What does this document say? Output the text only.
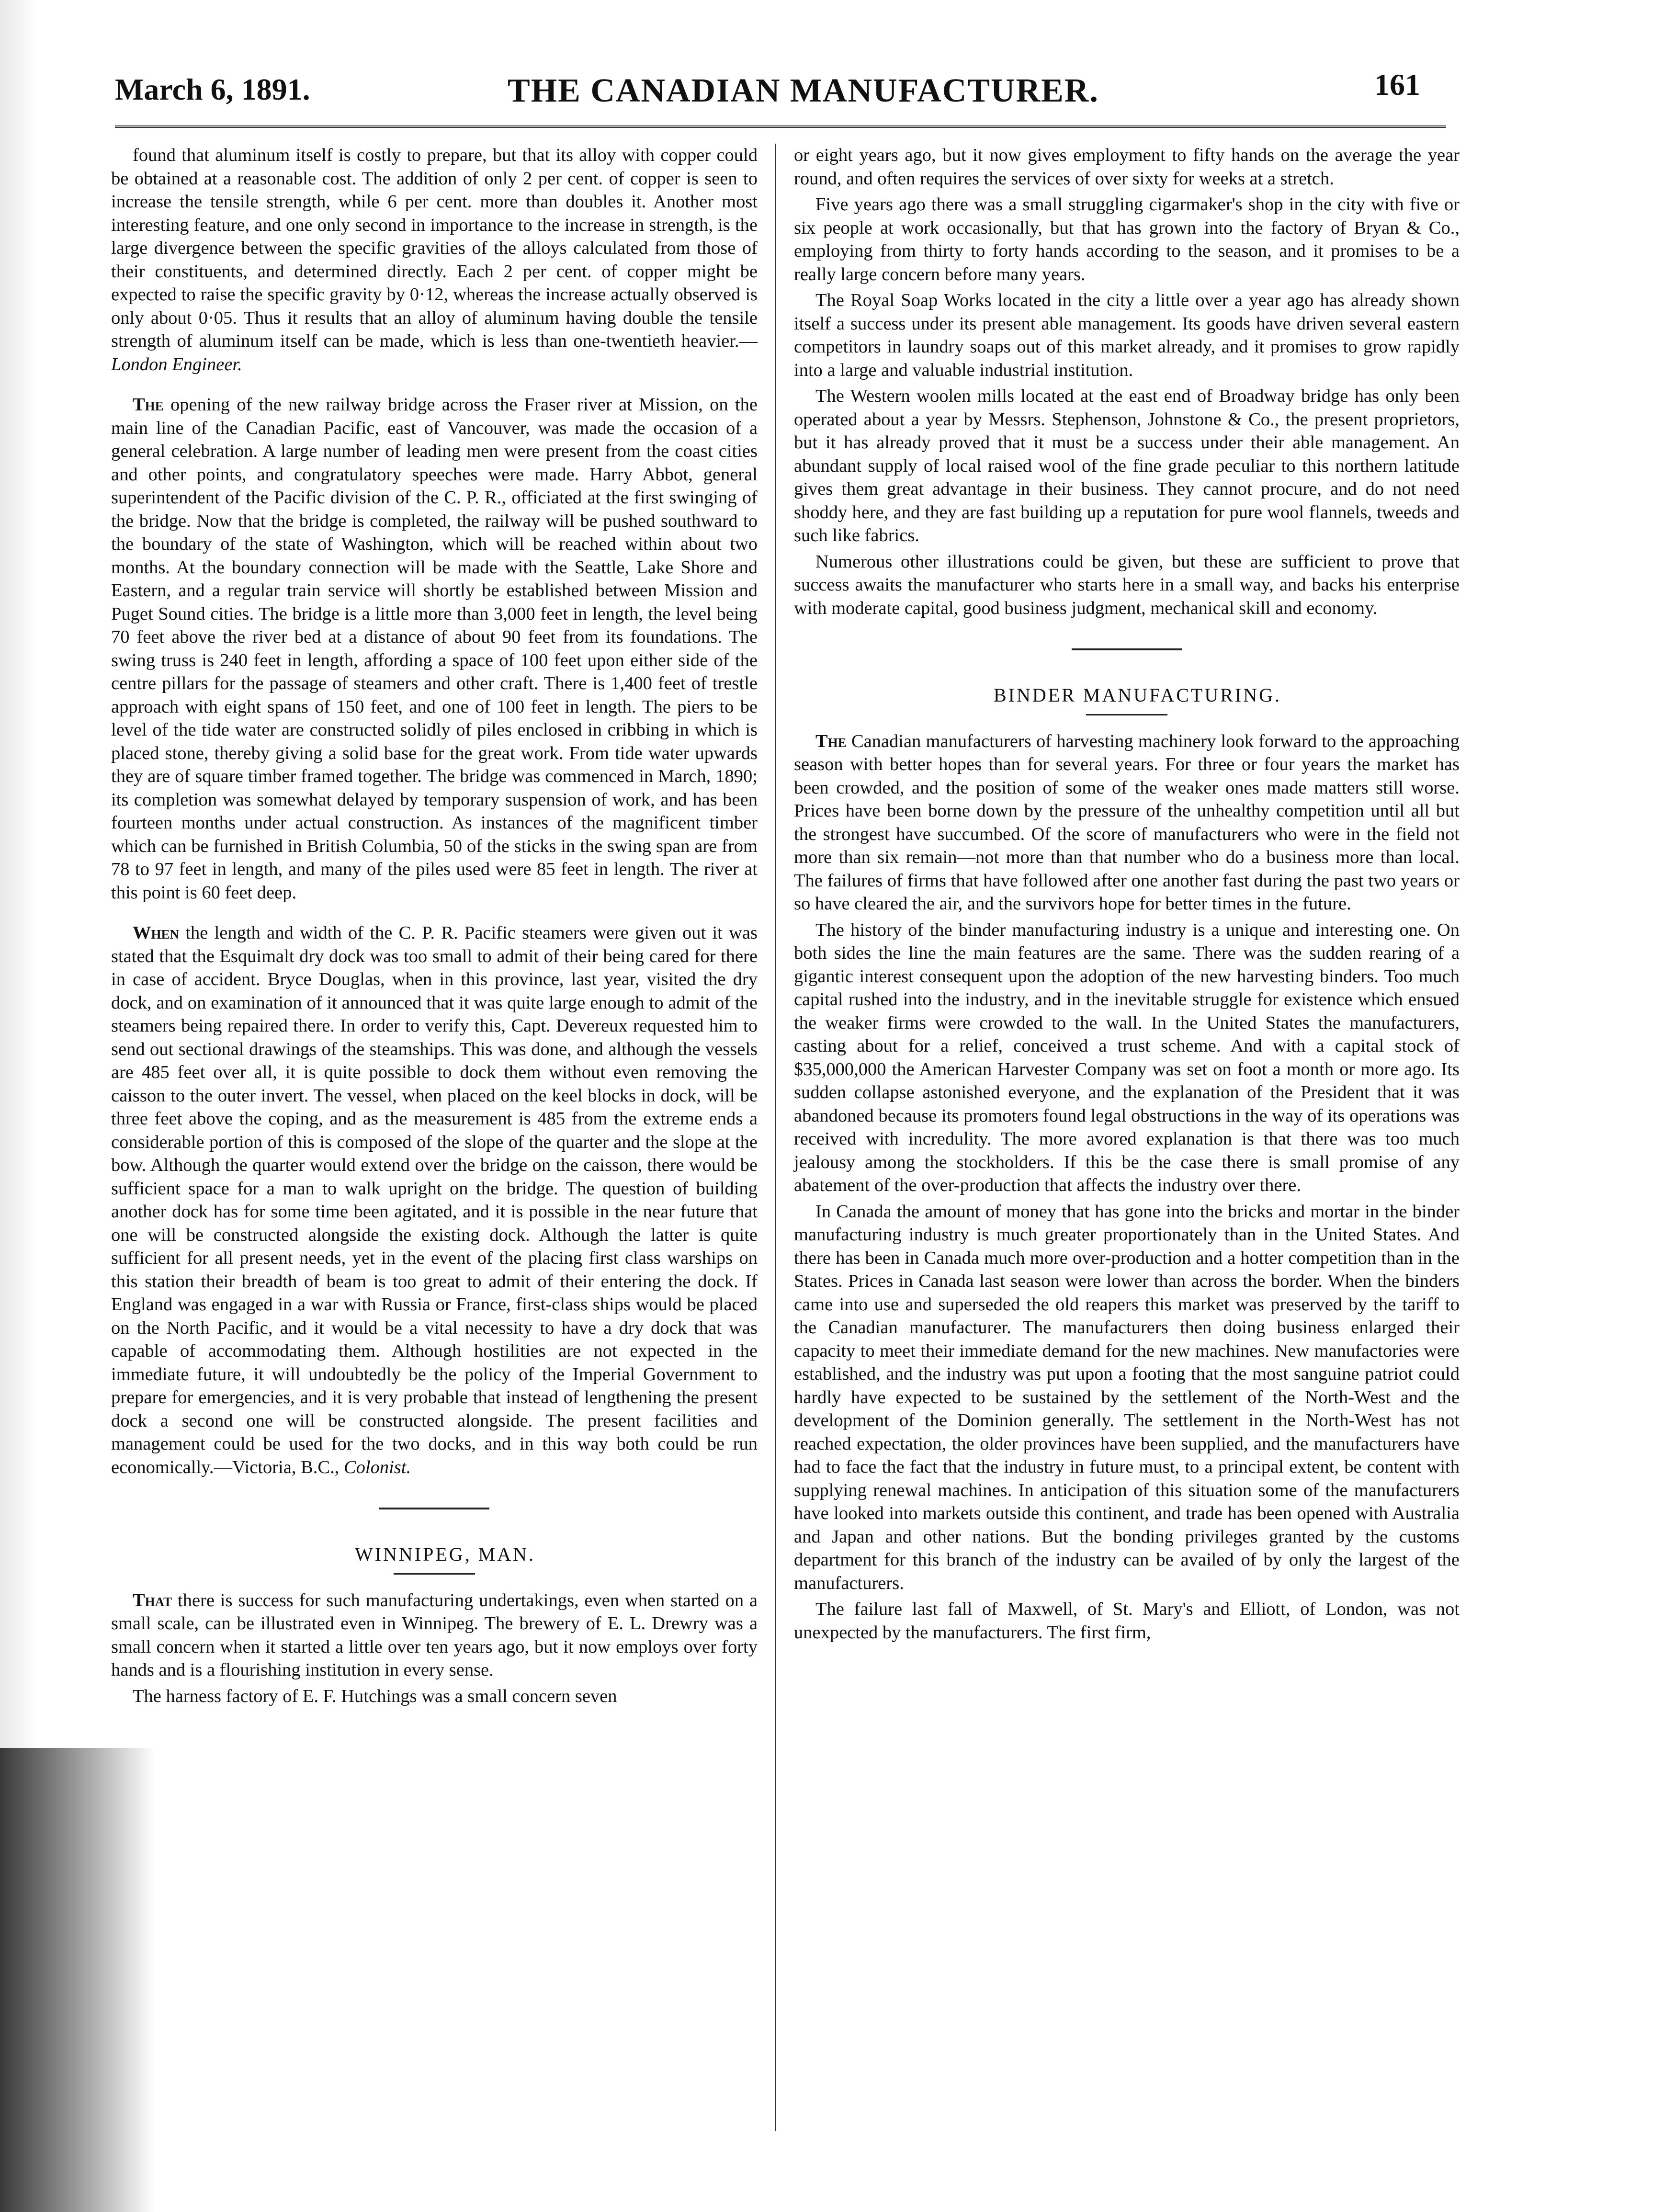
March 6, 1891.	THE CANADIAN MANUFACTURER.	161

found that aluminum itself is costly to prepare, but that its alloy with copper could be obtained at a reasonable cost. The addition of only 2 per cent. of copper is seen to increase the tensile strength, while 6 per cent. more than doubles it. Another most interesting feature, and one only second in importance to the increase in strength, is the large divergence between the specific gravities of the alloys calculated from those of their constituents, and determined directly. Each 2 per cent. of copper might be expected to raise the specific gravity by 0·12, whereas the increase actually observed is only about 0·05. Thus it results that an alloy of aluminum having double the tensile strength of aluminum itself can be made, which is less than one-twentieth heavier.—London Engineer.

The opening of the new railway bridge across the Fraser river at Mission, on the main line of the Canadian Pacific, east of Vancouver, was made the occasion of a general celebration. A large number of leading men were present from the coast cities and other points, and congratulatory speeches were made. Harry Abbot, general superintendent of the Pacific division of the C. P. R., officiated at the first swinging of the bridge. Now that the bridge is completed, the railway will be pushed southward to the boundary of the state of Washington, which will be reached within about two months. At the boundary connection will be made with the Seattle, Lake Shore and Eastern, and a regular train service will shortly be established between Mission and Puget Sound cities. The bridge is a little more than 3,000 feet in length, the level being 70 feet above the river bed at a distance of about 90 feet from its foundations. The swing truss is 240 feet in length, affording a space of 100 feet upon either side of the centre pillars for the passage of steamers and other craft. There is 1,400 feet of trestle approach with eight spans of 150 feet, and one of 100 feet in length. The piers to be level of the tide water are constructed solidly of piles enclosed in cribbing in which is placed stone, thereby giving a solid base for the great work. From tide water upwards they are of square timber framed together. The bridge was commenced in March, 1890; its completion was somewhat delayed by temporary suspension of work, and has been fourteen months under actual construction. As instances of the magnificent timber which can be furnished in British Columbia, 50 of the sticks in the swing span are from 78 to 97 feet in length, and many of the piles used were 85 feet in length. The river at this point is 60 feet deep.

When the length and width of the C. P. R. Pacific steamers were given out it was stated that the Esquimalt dry dock was too small to admit of their being cared for there in case of accident. Bryce Douglas, when in this province, last year, visited the dry dock, and on examination of it announced that it was quite large enough to admit of the steamers being repaired there. In order to verify this, Capt. Devereux requested him to send out sectional drawings of the steamships. This was done, and although the vessels are 485 feet over all, it is quite possible to dock them without even removing the caisson to the outer invert. The vessel, when placed on the keel blocks in dock, will be three feet above the coping, and as the measurement is 485 from the extreme ends a considerable portion of this is composed of the slope of the quarter and the slope at the bow. Although the quarter would extend over the bridge on the caisson, there would be sufficient space for a man to walk upright on the bridge. The question of building another dock has for some time been agitated, and it is possible in the near future that one will be constructed alongside the existing dock. Although the latter is quite sufficient for all present needs, yet in the event of the placing first class warships on this station their breadth of beam is too great to admit of their entering the dock. If England was engaged in a war with Russia or France, first-class ships would be placed on the North Pacific, and it would be a vital necessity to have a dry dock that was capable of accommodating them. Although hostilities are not expected in the immediate future, it will undoubtedly be the policy of the Imperial Government to prepare for emergencies, and it is very probable that instead of lengthening the present dock a second one will be constructed alongside. The present facilities and management could be used for the two docks, and in this way both could be run economically.—Victoria, B.C., Colonist.

WINNIPEG, MAN.

That there is success for such manufacturing undertakings, even when started on a small scale, can be illustrated even in Winnipeg. The brewery of E. L. Drewry was a small concern when it started a little over ten years ago, but it now employs over forty hands and is a flourishing institution in every sense.

The harness factory of E. F. Hutchings was a small concern seven

or eight years ago, but it now gives employment to fifty hands on the average the year round, and often requires the services of over sixty for weeks at a stretch.

Five years ago there was a small struggling cigarmaker's shop in the city with five or six people at work occasionally, but that has grown into the factory of Bryan & Co., employing from thirty to forty hands according to the season, and it promises to be a really large concern before many years.

The Royal Soap Works located in the city a little over a year ago has already shown itself a success under its present able management. Its goods have driven several eastern competitors in laundry soaps out of this market already, and it promises to grow rapidly into a large and valuable industrial institution.

The Western woolen mills located at the east end of Broadway bridge has only been operated about a year by Messrs. Stephenson, Johnstone & Co., the present proprietors, but it has already proved that it must be a success under their able management. An abundant supply of local raised wool of the fine grade peculiar to this northern latitude gives them great advantage in their business. They cannot procure, and do not need shoddy here, and they are fast building up a reputation for pure wool flannels, tweeds and such like fabrics.

Numerous other illustrations could be given, but these are sufficient to prove that success awaits the manufacturer who starts here in a small way, and backs his enterprise with moderate capital, good business judgment, mechanical skill and economy.

BINDER MANUFACTURING.

The Canadian manufacturers of harvesting machinery look forward to the approaching season with better hopes than for several years. For three or four years the market has been crowded, and the position of some of the weaker ones made matters still worse. Prices have been borne down by the pressure of the unhealthy competition until all but the strongest have succumbed. Of the score of manufacturers who were in the field not more than six remain—not more than that number who do a business more than local. The failures of firms that have followed after one another fast during the past two years or so have cleared the air, and the survivors hope for better times in the future.

The history of the binder manufacturing industry is a unique and interesting one. On both sides the line the main features are the same. There was the sudden rearing of a gigantic interest consequent upon the adoption of the new harvesting binders. Too much capital rushed into the industry, and in the inevitable struggle for existence which ensued the weaker firms were crowded to the wall. In the United States the manufacturers, casting about for a relief, conceived a trust scheme. And with a capital stock of $35,000,000 the American Harvester Company was set on foot a month or more ago. Its sudden collapse astonished everyone, and the explanation of the President that it was abandoned because its promoters found legal obstructions in the way of its operations was received with incredulity. The more avored explanation is that there was too much jealousy among the stockholders. If this be the case there is small promise of any abatement of the over-production that affects the industry over there.

In Canada the amount of money that has gone into the bricks and mortar in the binder manufacturing industry is much greater proportionately than in the United States. And there has been in Canada much more over-production and a hotter competition than in the States. Prices in Canada last season were lower than across the border. When the binders came into use and superseded the old reapers this market was preserved by the tariff to the Canadian manufacturer. The manufacturers then doing business enlarged their capacity to meet their immediate demand for the new machines. New manufactories were established, and the industry was put upon a footing that the most sanguine patriot could hardly have expected to be sustained by the settlement of the North-West and the development of the Dominion generally. The settlement in the North-West has not reached expectation, the older provinces have been supplied, and the manufacturers have had to face the fact that the industry in future must, to a principal extent, be content with supplying renewal machines. In anticipation of this situation some of the manufacturers have looked into markets outside this continent, and trade has been opened with Australia and Japan and other nations. But the bonding privileges granted by the customs department for this branch of the industry can be availed of by only the largest of the manufacturers.

The failure last fall of Maxwell, of St. Mary's and Elliott, of London, was not unexpected by the manufacturers. The first firm,
